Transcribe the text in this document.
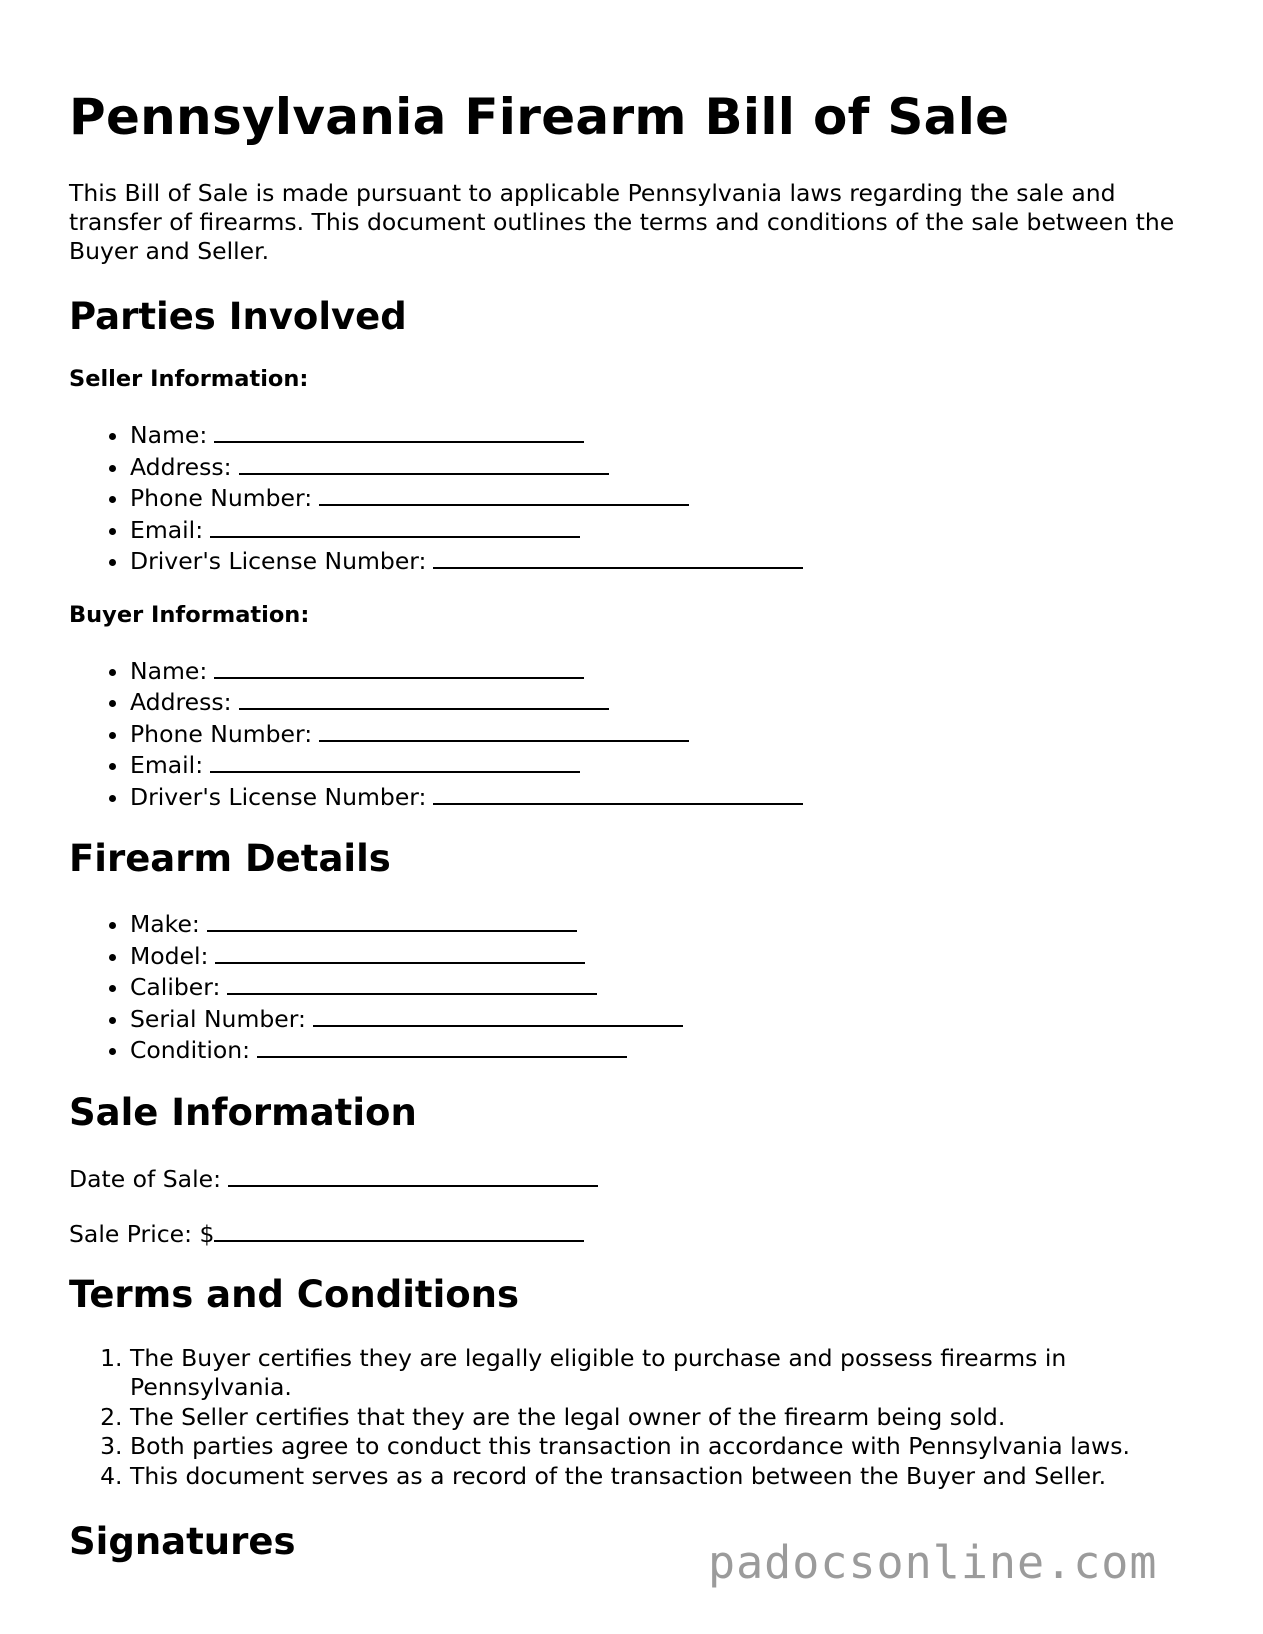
Pennsylvania Firearm Bill of Sale

This Bill of Sale is made pursuant to applicable Pennsylvania laws regarding the sale and transfer of firearms. This document outlines the terms and conditions of the sale between the Buyer and Seller.

Parties Involved
Seller Information:
• Name:
• Address:
• Phone Number:
• Email:
• Driver's License Number:
Buyer Information:
• Name:
• Address:
• Phone Number:
• Email:
• Driver's License Number:
Firearm Details
• Make:
• Model:
• Caliber:
• Serial Number:
• Condition:
Sale Information

Date of Sale:

Sale Price: $

Terms and Conditions
1. The Buyer certifies they are legally eligible to purchase and possess firearms in Pennsylvania.
2. The Seller certifies that they are the legal owner of the firearm being sold.
3. Both parties agree to conduct this transaction in accordance with Pennsylvania laws.
4. This document serves as a record of the transaction between the Buyer and Seller.
Signatures	padocsonline.com
